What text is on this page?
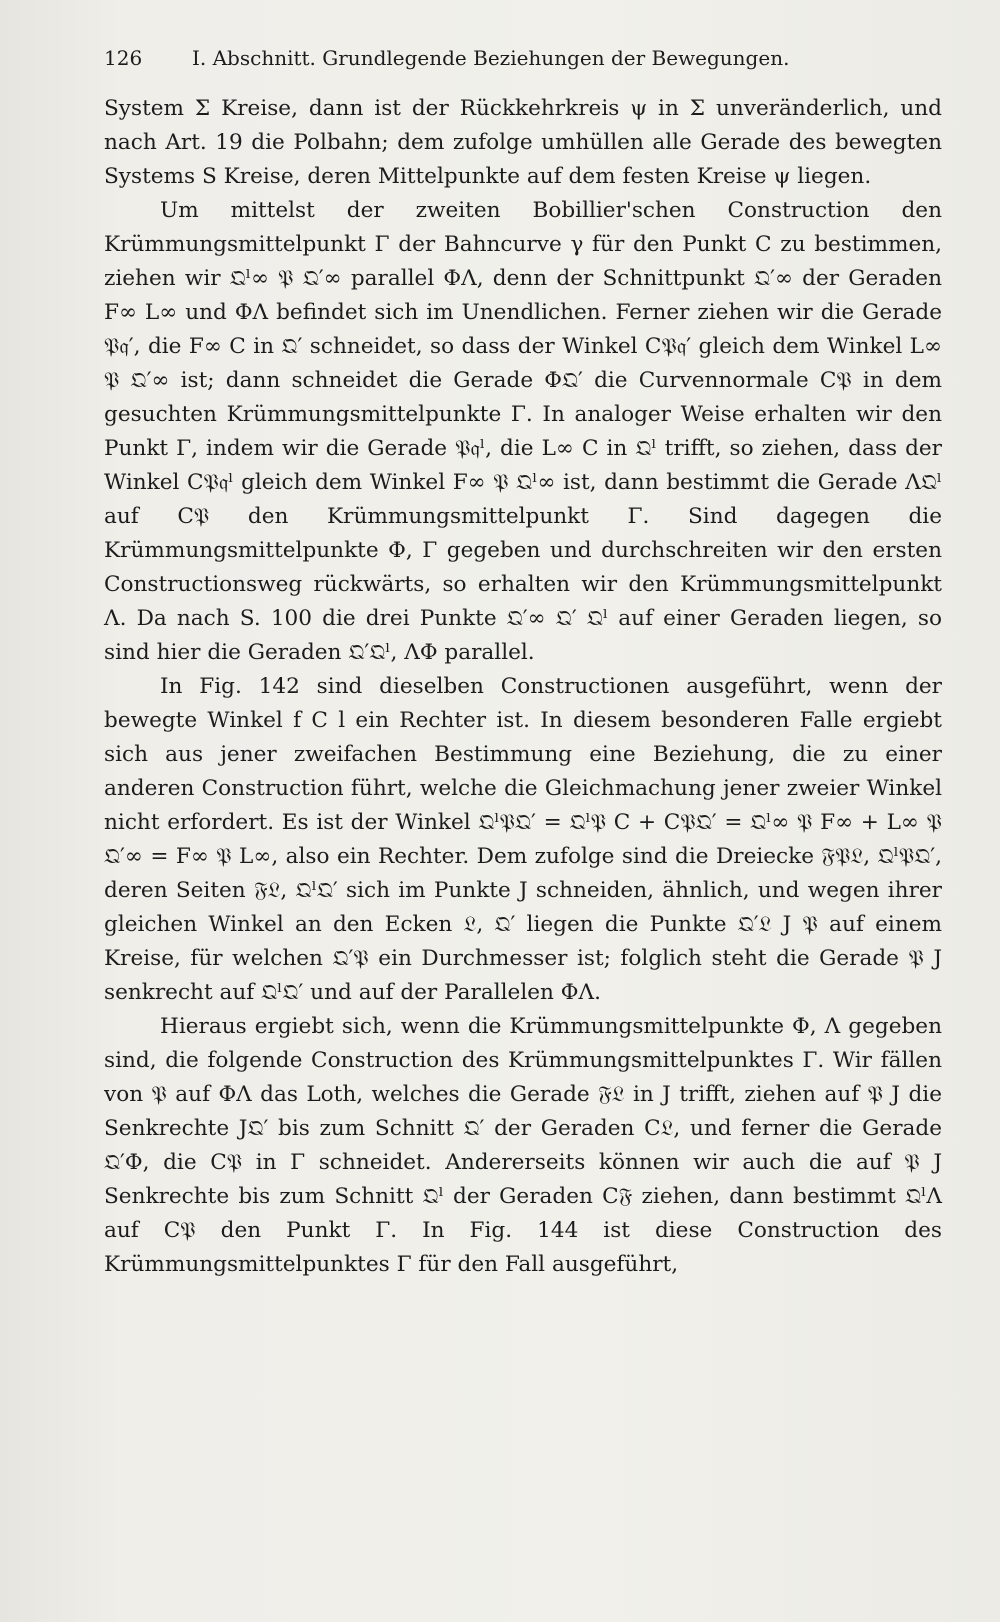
126 I. Abschnitt. Grundlegende Beziehungen der Bewegungen.

System Σ Kreise, dann ist der Rückkehrkreis ψ in Σ unveränderlich, und nach Art. 19 die Polbahn; dem zufolge umhüllen alle Gerade des bewegten Systems S Kreise, deren Mittelpunkte auf dem festen Kreise ψ liegen.

Um mittelst der zweiten Bobillier'schen Construction den Krümmungsmittelpunkt Γ der Bahncurve γ für den Punkt C zu bestimmen, ziehen wir 𝔔ˡ∞ 𝔓 𝔔′∞ parallel ΦΛ, denn der Schnittpunkt 𝔔′∞ der Geraden F∞ L∞ und ΦΛ befindet sich im Unendlichen. Ferner ziehen wir die Gerade 𝔓𝔮′, die F∞ C in 𝔔′ schneidet, so dass der Winkel C𝔓𝔮′ gleich dem Winkel L∞ 𝔓 𝔔′∞ ist; dann schneidet die Gerade Φ𝔔′ die Curvennormale C𝔓 in dem gesuchten Krümmungsmittelpunkte Γ. In analoger Weise erhalten wir den Punkt Γ, indem wir die Gerade 𝔓𝔮ˡ, die L∞ C in 𝔔ˡ trifft, so ziehen, dass der Winkel C𝔓𝔮ˡ gleich dem Winkel F∞ 𝔓 𝔔ˡ∞ ist, dann bestimmt die Gerade Λ𝔔ˡ auf C𝔓 den Krümmungsmittelpunkt Γ. Sind dagegen die Krümmungsmittelpunkte Φ, Γ gegeben und durchschreiten wir den ersten Constructionsweg rückwärts, so erhalten wir den Krümmungsmittelpunkt Λ. Da nach S. 100 die drei Punkte 𝔔′∞ 𝔔′ 𝔔ˡ auf einer Geraden liegen, so sind hier die Geraden 𝔔′𝔔ˡ, ΛΦ parallel.

In Fig. 142 sind dieselben Constructionen ausgeführt, wenn der bewegte Winkel f C l ein Rechter ist. In diesem besonderen Falle ergiebt sich aus jener zweifachen Bestimmung eine Beziehung, die zu einer anderen Construction führt, welche die Gleichmachung jener zweier Winkel nicht erfordert. Es ist der Winkel 𝔔ˡ𝔓𝔔′ = 𝔔ˡ𝔓 C + C𝔓𝔔′ = 𝔔ˡ∞ 𝔓 F∞ + L∞ 𝔓 𝔔′∞ = F∞ 𝔓 L∞, also ein Rechter. Dem zufolge sind die Dreiecke 𝔉𝔓𝔏, 𝔔ˡ𝔓𝔔′, deren Seiten 𝔉𝔏, 𝔔ˡ𝔔′ sich im Punkte J schneiden, ähnlich, und wegen ihrer gleichen Winkel an den Ecken 𝔏, 𝔔′ liegen die Punkte 𝔔′𝔏 J 𝔓 auf einem Kreise, für welchen 𝔔′𝔓 ein Durchmesser ist; folglich steht die Gerade 𝔓 J senkrecht auf 𝔔ˡ𝔔′ und auf der Parallelen ΦΛ.

Hieraus ergiebt sich, wenn die Krümmungsmittelpunkte Φ, Λ gegeben sind, die folgende Construction des Krümmungsmittelpunktes Γ. Wir fällen von 𝔓 auf ΦΛ das Loth, welches die Gerade 𝔉𝔏 in J trifft, ziehen auf 𝔓 J die Senkrechte J𝔔′ bis zum Schnitt 𝔔′ der Geraden C𝔏, und ferner die Gerade 𝔔′Φ, die C𝔓 in Γ schneidet. Andererseits können wir auch die auf 𝔓 J Senkrechte bis zum Schnitt 𝔔ˡ der Geraden C𝔉 ziehen, dann bestimmt 𝔔ˡΛ auf C𝔓 den Punkt Γ. In Fig. 144 ist diese Construction des Krümmungsmittelpunktes Γ für den Fall ausgeführt,
